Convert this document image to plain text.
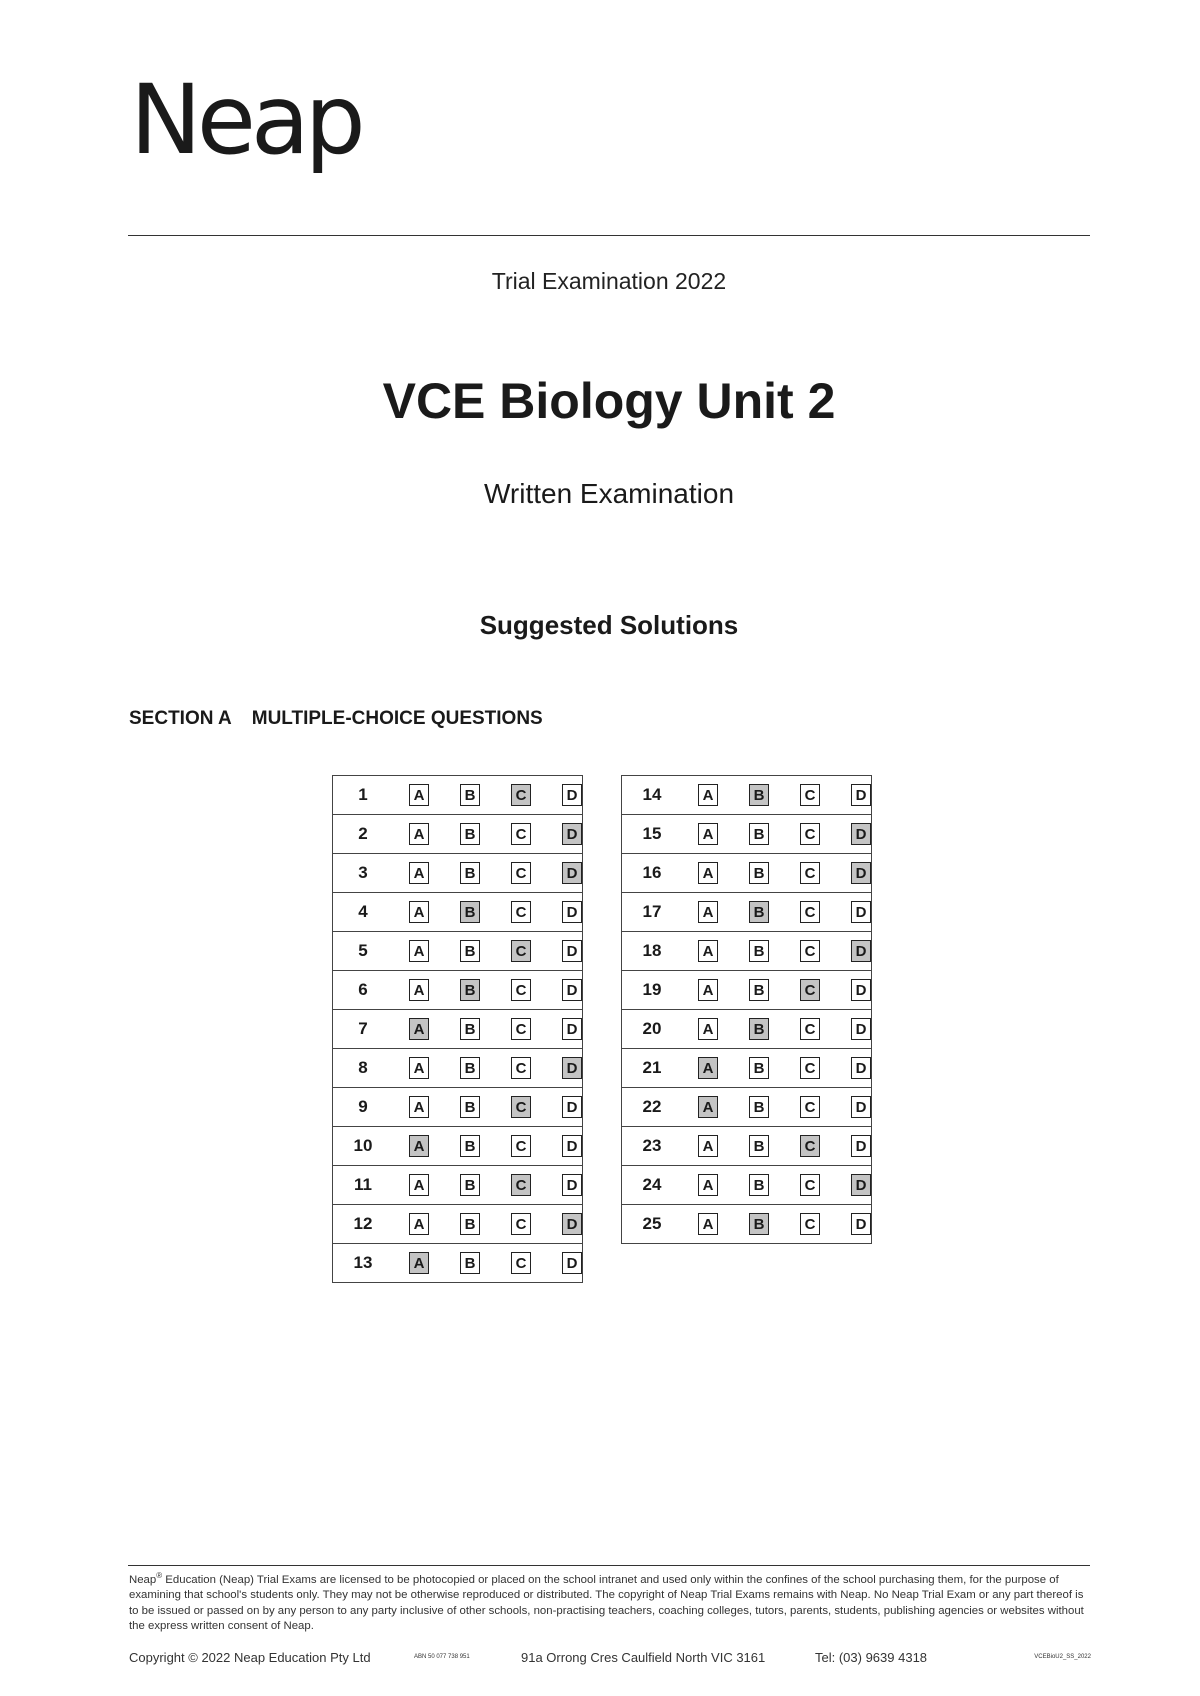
Neap
Trial Examination 2022
VCE Biology Unit 2
Written Examination
Suggested Solutions
SECTION A MULTIPLE-CHOICE QUESTIONS
1	A	B	C	D

2	A	B	C	D

3	A	B	C	D

4	A	B	C	D

5	A	B	C	D

6	A	B	C	D

7	A	B	C	D

8	A	B	C	D

9	A	B	C	D

10	A	B	C	D

11	A	B	C	D

12	A	B	C	D

13	A	B	C	D
14	A	B	C	D

15	A	B	C	D

16	A	B	C	D

17	A	B	C	D

18	A	B	C	D

19	A	B	C	D

20	A	B	C	D

21	A	B	C	D

22	A	B	C	D

23	A	B	C	D

24	A	B	C	D

25	A	B	C	D
Neap® Education (Neap) Trial Exams are licensed to be photocopied or placed on the school intranet and used only within the confines of the school purchasing them, for the purpose of examining that school's students only. They may not be otherwise reproduced or distributed. The copyright of Neap Trial Exams remains with Neap. No Neap Trial Exam or any part thereof is to be issued or passed on by any person to any party inclusive of other schools, non-practising teachers, coaching colleges, tutors, parents, students, publishing agencies or websites without the express written consent of Neap.
Copyright © 2022 Neap Education Pty Ltd	ABN 50 077 738 951	91a Orrong Cres Caulfield North VIC 3161	Tel: (03) 9639 4318	VCEBioU2_SS_2022
